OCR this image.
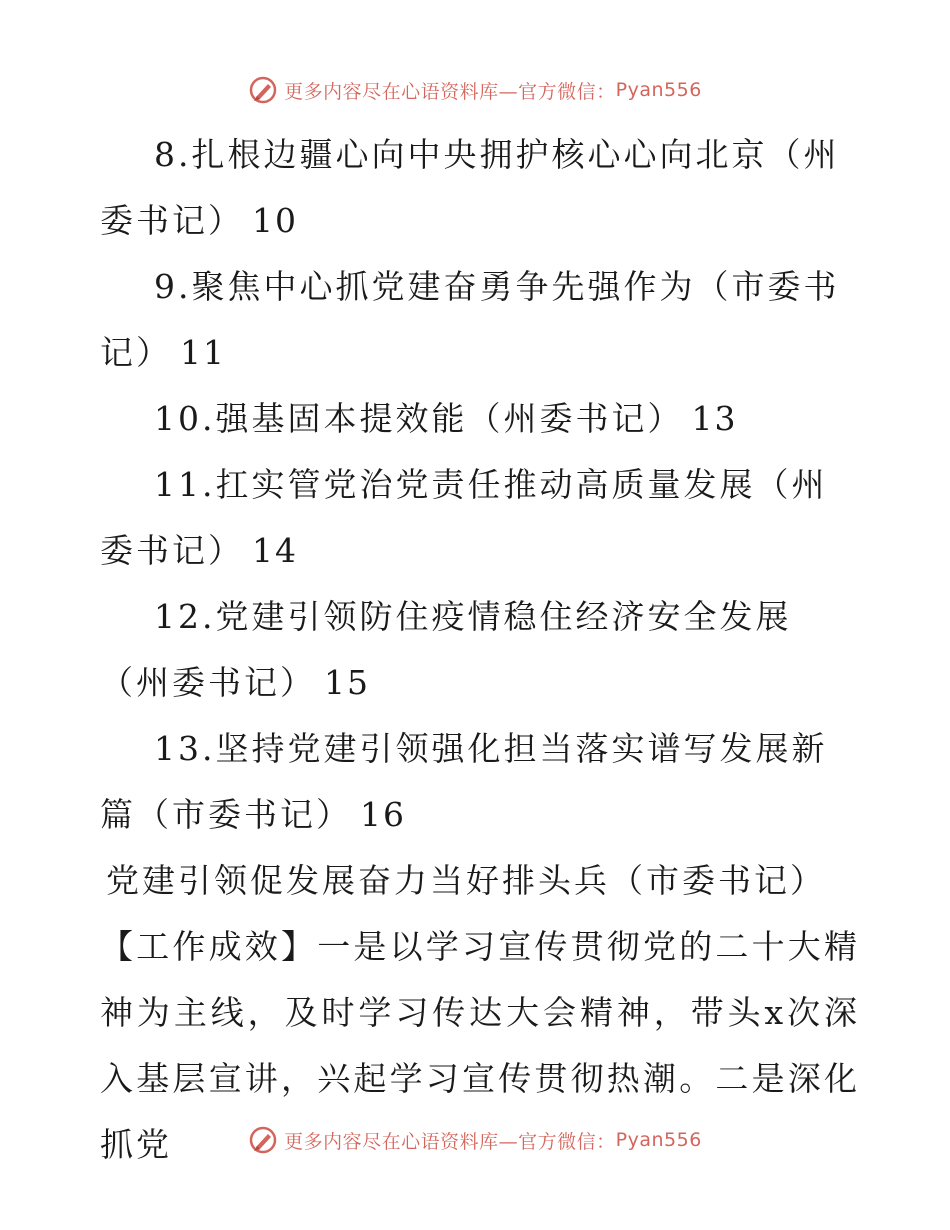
更多内容尽在心语资料库—官方微信： Pyan556

8.扎根边疆心向中央拥护核心心向北京（州委书记） 10

9.聚焦中心抓党建奋勇争先强作为（市委书记） 11

10.强基固本提效能（州委书记） 13

11.扛实管党治党责任推动高质量发展（州委书记） 14

12.党建引领防住疫情稳住经济安全发展（州委书记） 15

13.坚持党建引领强化担当落实谱写发展新篇（市委书记） 16

党建引领促发展奋力当好排头兵（市委书记）

【工作成效】一是以学习宣传贯彻党的二十大精神为主线，及时学习传达大会精神，带头x次深入基层宣讲，兴起学习宣传贯彻热潮。二是深化抓党	更多内容尽在心语资料库—官方微信： Pyan556
